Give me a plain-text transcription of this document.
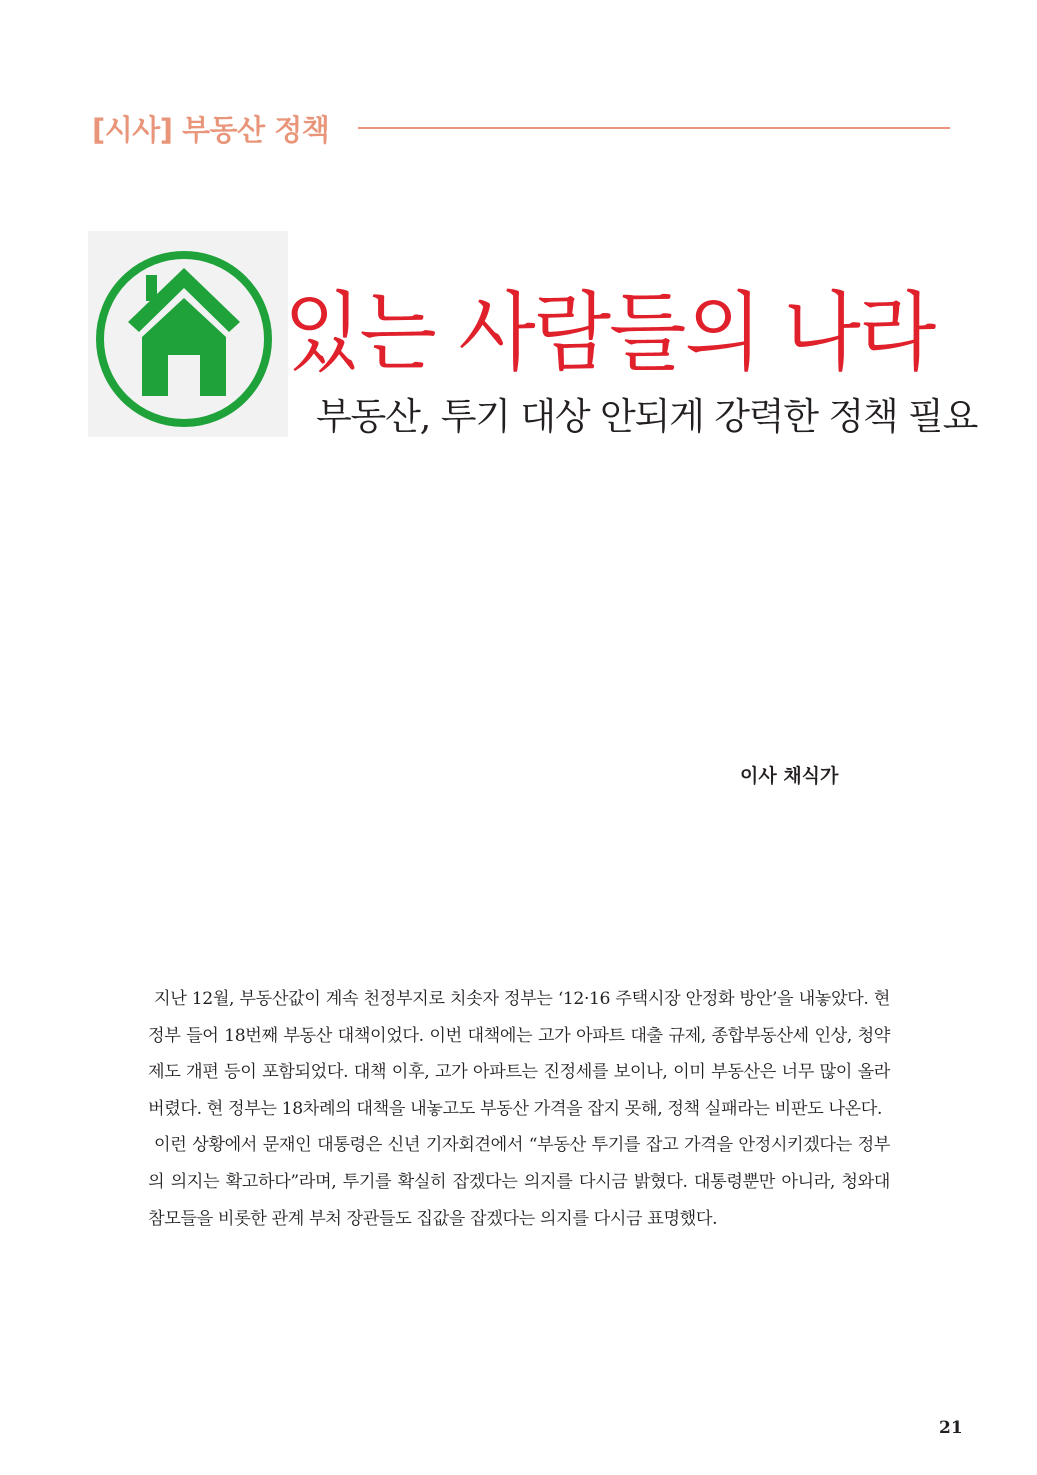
[시사] 부동산 정책
있는 사람들의 나라
부동산, 투기 대상 안되게 강력한 정책 필요
이사 채식가

지난 12월, 부동산값이 계속 천정부지로 치솟자 정부는 ‘12·16 주택시장 안정화 방안’을 내놓았다. 현 정부 들어 18번째 부동산 대책이었다. 이번 대책에는 고가 아파트 대출 규제, 종합부동산세 인상, 청약 제도 개편 등이 포함되었다. 대책 이후, 고가 아파트는 진정세를 보이나, 이미 부동산은 너무 많이 올라 버렸다. 현 정부는 18차례의 대책을 내놓고도 부동산 가격을 잡지 못해, 정책 실패라는 비판도 나온다.

이런 상황에서 문재인 대통령은 신년 기자회견에서 “부동산 투기를 잡고 가격을 안정시키겠다는 정부의 의지는 확고하다”라며, 투기를 확실히 잡겠다는 의지를 다시금 밝혔다. 대통령뿐만 아니라, 청와대 참모들을 비롯한 관계 부처 장관들도 집값을 잡겠다는 의지를 다시금 표명했다.

21
